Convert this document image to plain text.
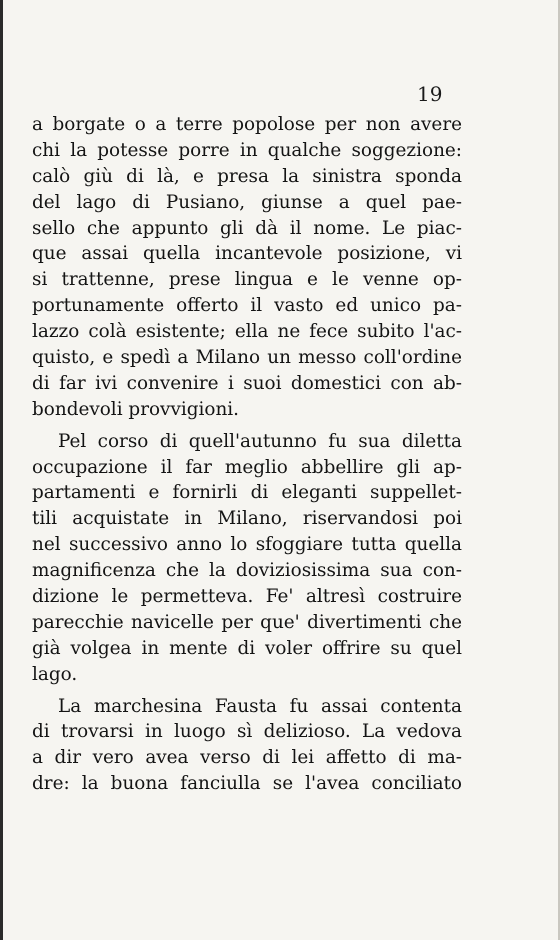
19
a borgate o a terre popolose per non avere
chi la potesse porre in qualche soggezione:
calò giù di là, e presa la sinistra sponda
del lago di Pusiano, giunse a quel pae-
sello che appunto gli dà il nome. Le piac-
que assai quella incantevole posizione, vi
si trattenne, prese lingua e le venne op-
portunamente offerto il vasto ed unico pa-
lazzo colà esistente; ella ne fece subito l'ac-
quisto, e spedì a Milano un messo coll'ordine
di far ivi convenire i suoi domestici con ab-
bondevoli provvigioni.
Pel corso di quell'autunno fu sua diletta
occupazione il far meglio abbellire gli ap-
partamenti e fornirli di eleganti suppellet-
tili acquistate in Milano, riservandosi poi
nel successivo anno lo sfoggiare tutta quella
magnificenza che la doviziosissima sua con-
dizione le permetteva. Fe' altresì costruire
parecchie navicelle per que' divertimenti che
già volgea in mente di voler offrire su quel
lago.
La marchesina Fausta fu assai contenta
di trovarsi in luogo sì delizioso. La vedova
a dir vero avea verso di lei affetto di ma-
dre: la buona fanciulla se l'avea conciliato
